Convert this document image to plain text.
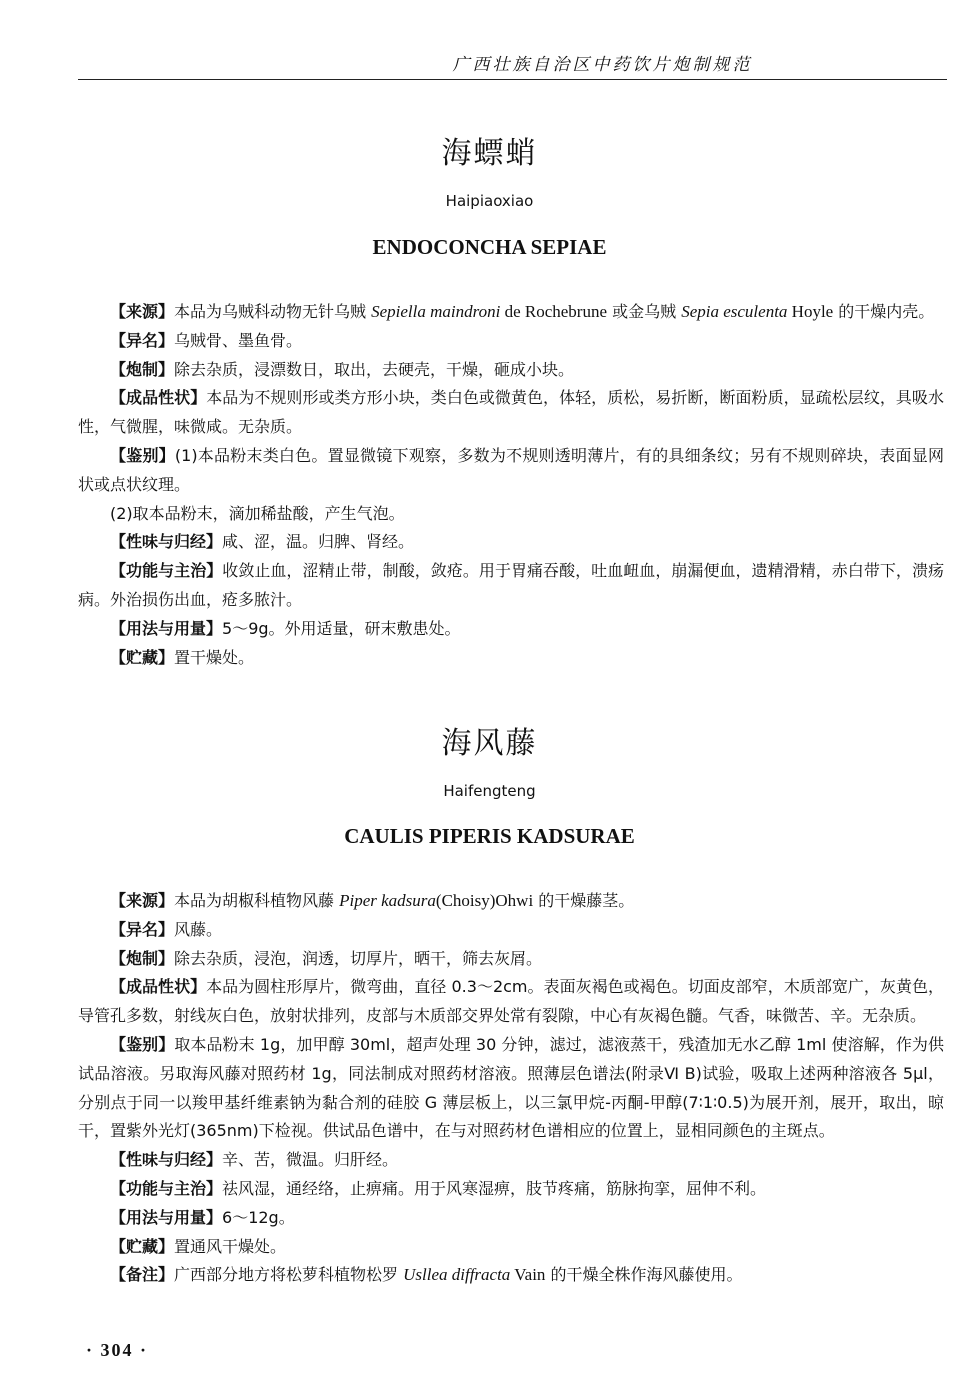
广西壮族自治区中药饮片炮制规范
海螵蛸
Haipiaoxiao
ENDOCONCHA SEPIAE

【来源】本品为乌贼科动物无针乌贼 Sepiella maindroni de Rochebrune 或金乌贼 Sepia esculenta Hoyle 的干燥内壳。

【异名】乌贼骨、墨鱼骨。

【炮制】除去杂质，浸漂数日，取出，去硬壳，干燥，砸成小块。

【成品性状】本品为不规则形或类方形小块，类白色或微黄色，体轻，质松，易折断，断面粉质，显疏松层纹，具吸水性，气微腥，味微咸。无杂质。

【鉴别】(1)本品粉末类白色。置显微镜下观察，多数为不规则透明薄片，有的具细条纹；另有不规则碎块，表面显网状或点状纹理。

(2)取本品粉末，滴加稀盐酸，产生气泡。

【性味与归经】咸、涩，温。归脾、肾经。

【功能与主治】收敛止血，涩精止带，制酸，敛疮。用于胃痛吞酸，吐血衄血，崩漏便血，遗精滑精，赤白带下，溃疡病。外治损伤出血，疮多脓汁。

【用法与用量】5～9g。外用适量，研末敷患处。

【贮藏】置干燥处。

海风藤
Haifengteng
CAULIS PIPERIS KADSURAE

【来源】本品为胡椒科植物风藤 Piper kadsura(Choisy)Ohwi 的干燥藤茎。

【异名】风藤。

【炮制】除去杂质，浸泡，润透，切厚片，晒干，筛去灰屑。

【成品性状】本品为圆柱形厚片，微弯曲，直径 0.3～2cm。表面灰褐色或褐色。切面皮部窄，木质部宽广，灰黄色，导管孔多数，射线灰白色，放射状排列，皮部与木质部交界处常有裂隙，中心有灰褐色髓。气香，味微苦、辛。无杂质。

【鉴别】取本品粉末 1g，加甲醇 30ml，超声处理 30 分钟，滤过，滤液蒸干，残渣加无水乙醇 1ml 使溶解，作为供试品溶液。另取海风藤对照药材 1g，同法制成对照药材溶液。照薄层色谱法(附录Ⅵ B)试验，吸取上述两种溶液各 5μl，分别点于同一以羧甲基纤维素钠为黏合剂的硅胶 G 薄层板上，以三氯甲烷-丙酮-甲醇(7∶1∶0.5)为展开剂，展开，取出，晾干，置紫外光灯(365nm)下检视。供试品色谱中，在与对照药材色谱相应的位置上，显相同颜色的主斑点。

【性味与归经】辛、苦，微温。归肝经。

【功能与主治】祛风湿，通经络，止痹痛。用于风寒湿痹，肢节疼痛，筋脉拘挛，屈伸不利。

【用法与用量】6～12g。

【贮藏】置通风干燥处。

【备注】广西部分地方将松萝科植物松罗 Usllea diffracta Vain 的干燥全株作海风藤使用。

· 304 ·
